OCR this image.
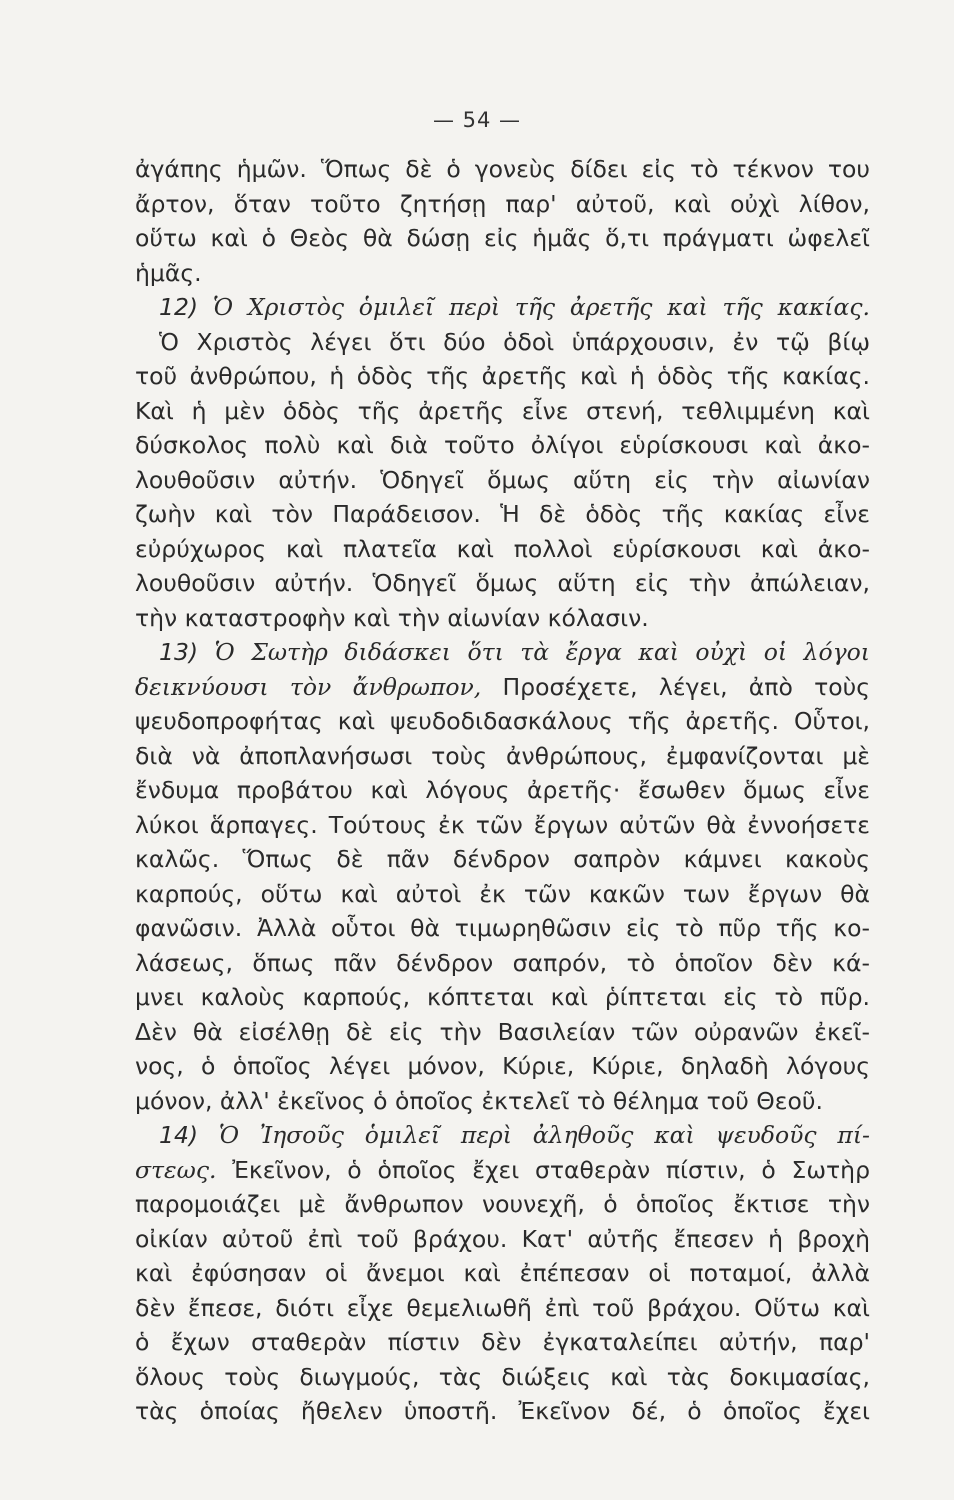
— 54 —
ἀγάπης ἡμῶν. Ὅπως δὲ ὁ γονεὺς δίδει εἰς τὸ τέκνον του
ἄρτον, ὅταν τοῦτο ζητήσῃ παρ' αὐτοῦ, καὶ οὐχὶ λίθον,
οὕτω καὶ ὁ Θεὸς θὰ δώσῃ εἰς ἡμᾶς ὅ,τι πράγματι ὠφελεῖ
ἡμᾶς.
12) Ὁ Χριστὸς ὁμιλεῖ περὶ τῆς ἀρετῆς καὶ τῆς κακίας.
Ὁ Χριστὸς λέγει ὅτι δύο ὁδοὶ ὑπάρχουσιν, ἐν τῷ βίῳ
τοῦ ἀνθρώπου, ἡ ὁδὸς τῆς ἀρετῆς καὶ ἡ ὁδὸς τῆς κακίας.
Καὶ ἡ μὲν ὁδὸς τῆς ἀρετῆς εἶνε στενή, τεθλιμμένη καὶ
δύσκολος πολὺ καὶ διὰ τοῦτο ὀλίγοι εὑρίσκουσι καὶ ἀκο-
λουθοῦσιν αὐτήν. Ὁδηγεῖ ὅμως αὕτη εἰς τὴν αἰωνίαν
ζωὴν καὶ τὸν Παράδεισον. Ἡ δὲ ὁδὸς τῆς κακίας εἶνε
εὐρύχωρος καὶ πλατεῖα καὶ πολλοὶ εὑρίσκουσι καὶ ἀκο-
λουθοῦσιν αὐτήν. Ὁδηγεῖ ὅμως αὕτη εἰς τὴν ἀπώλειαν,
τὴν καταστροφὴν καὶ τὴν αἰωνίαν κόλασιν.
13) Ὁ Σωτὴρ διδάσκει ὅτι τὰ ἔργα καὶ οὐχὶ οἱ λόγοι
δεικνύουσι τὸν ἄνθρωπον, Προσέχετε, λέγει, ἀπὸ τοὺς
ψευδοπροφήτας καὶ ψευδοδιδασκάλους τῆς ἀρετῆς. Οὗτοι,
διὰ νὰ ἀποπλανήσωσι τοὺς ἀνθρώπους, ἐμφανίζονται μὲ
ἔνδυμα προβάτου καὶ λόγους ἀρετῆς· ἔσωθεν ὅμως εἶνε
λύκοι ἅρπαγες. Τούτους ἐκ τῶν ἔργων αὐτῶν θὰ ἐννοήσετε
καλῶς. Ὅπως δὲ πᾶν δένδρον σαπρὸν κάμνει κακοὺς
καρπούς, οὕτω καὶ αὐτοὶ ἐκ τῶν κακῶν των ἔργων θὰ
φανῶσιν. Ἀλλὰ οὗτοι θὰ τιμωρηθῶσιν εἰς τὸ πῦρ τῆς κο-
λάσεως, ὅπως πᾶν δένδρον σαπρόν, τὸ ὁποῖον δὲν κά-
μνει καλοὺς καρπούς, κόπτεται καὶ ῥίπτεται εἰς τὸ πῦρ.
Δὲν θὰ εἰσέλθῃ δὲ εἰς τὴν Βασιλείαν τῶν οὐρανῶν ἐκεῖ-
νος, ὁ ὁποῖος λέγει μόνον, Κύριε, Κύριε, δηλαδὴ λόγους
μόνον, ἀλλ' ἐκεῖνος ὁ ὁποῖος ἐκτελεῖ τὸ θέλημα τοῦ Θεοῦ.
14) Ὁ Ἰησοῦς ὁμιλεῖ περὶ ἀληθοῦς καὶ ψευδοῦς πί-
στεως. Ἐκεῖνον, ὁ ὁποῖος ἔχει σταθερὰν πίστιν, ὁ Σωτὴρ
παρομοιάζει μὲ ἄνθρωπον νουνεχῆ, ὁ ὁποῖος ἔκτισε τὴν
οἰκίαν αὐτοῦ ἐπὶ τοῦ βράχου. Κατ' αὐτῆς ἔπεσεν ἡ βροχὴ
καὶ ἐφύσησαν οἱ ἄνεμοι καὶ ἐπέπεσαν οἱ ποταμοί, ἀλλὰ
δὲν ἔπεσε, διότι εἶχε θεμελιωθῆ ἐπὶ τοῦ βράχου. Οὕτω καὶ
ὁ ἔχων σταθερὰν πίστιν δὲν ἐγκαταλείπει αὐτήν, παρ'
ὅλους τοὺς διωγμούς, τὰς διώξεις καὶ τὰς δοκιμασίας,
τὰς ὁποίας ἤθελεν ὑποστῆ. Ἐκεῖνον δέ, ὁ ὁποῖος ἔχει
